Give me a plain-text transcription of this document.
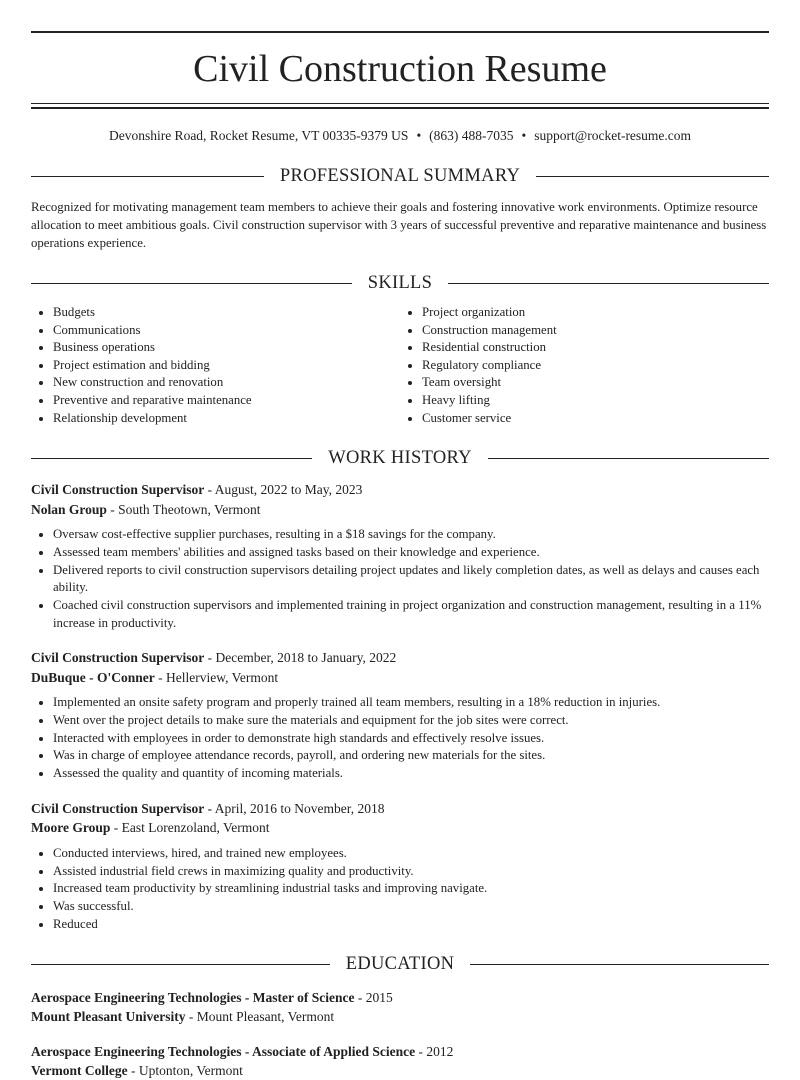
Civil Construction Resume
Devonshire Road, Rocket Resume, VT 00335-9379 US • (863) 488-7035 • support@rocket-resume.com
PROFESSIONAL SUMMARY
Recognized for motivating management team members to achieve their goals and fostering innovative work environments. Optimize resource allocation to meet ambitious goals. Civil construction supervisor with 3 years of successful preventive and reparative maintenance and business operations experience.
SKILLS
• Budgets
• Communications
• Business operations
• Project estimation and bidding
• New construction and renovation
• Preventive and reparative maintenance
• Relationship development
• Project organization
• Construction management
• Residential construction
• Regulatory compliance
• Team oversight
• Heavy lifting
• Customer service
WORK HISTORY
Civil Construction Supervisor - August, 2022 to May, 2023
Nolan Group - South Theotown, Vermont
• Oversaw cost-effective supplier purchases, resulting in a $18 savings for the company.
• Assessed team members' abilities and assigned tasks based on their knowledge and experience.
• Delivered reports to civil construction supervisors detailing project updates and likely completion dates, as well as delays and causes each ability.
• Coached civil construction supervisors and implemented training in project organization and construction management, resulting in a 11% increase in productivity.
Civil Construction Supervisor - December, 2018 to January, 2022
DuBuque - O'Conner - Hellerview, Vermont
• Implemented an onsite safety program and properly trained all team members, resulting in a 18% reduction in injuries.
• Went over the project details to make sure the materials and equipment for the job sites were correct.
• Interacted with employees in order to demonstrate high standards and effectively resolve issues.
• Was in charge of employee attendance records, payroll, and ordering new materials for the sites.
• Assessed the quality and quantity of incoming materials.
Civil Construction Supervisor - April, 2016 to November, 2018
Moore Group - East Lorenzoland, Vermont
• Conducted interviews, hired, and trained new employees.
• Assisted industrial field crews in maximizing quality and productivity.
• Increased team productivity by streamlining industrial tasks and improving navigate.
• Was successful.
• Reduced
EDUCATION
Aerospace Engineering Technologies - Master of Science - 2015
Mount Pleasant University - Mount Pleasant, Vermont
Aerospace Engineering Technologies - Associate of Applied Science - 2012
Vermont College - Uptonton, Vermont
